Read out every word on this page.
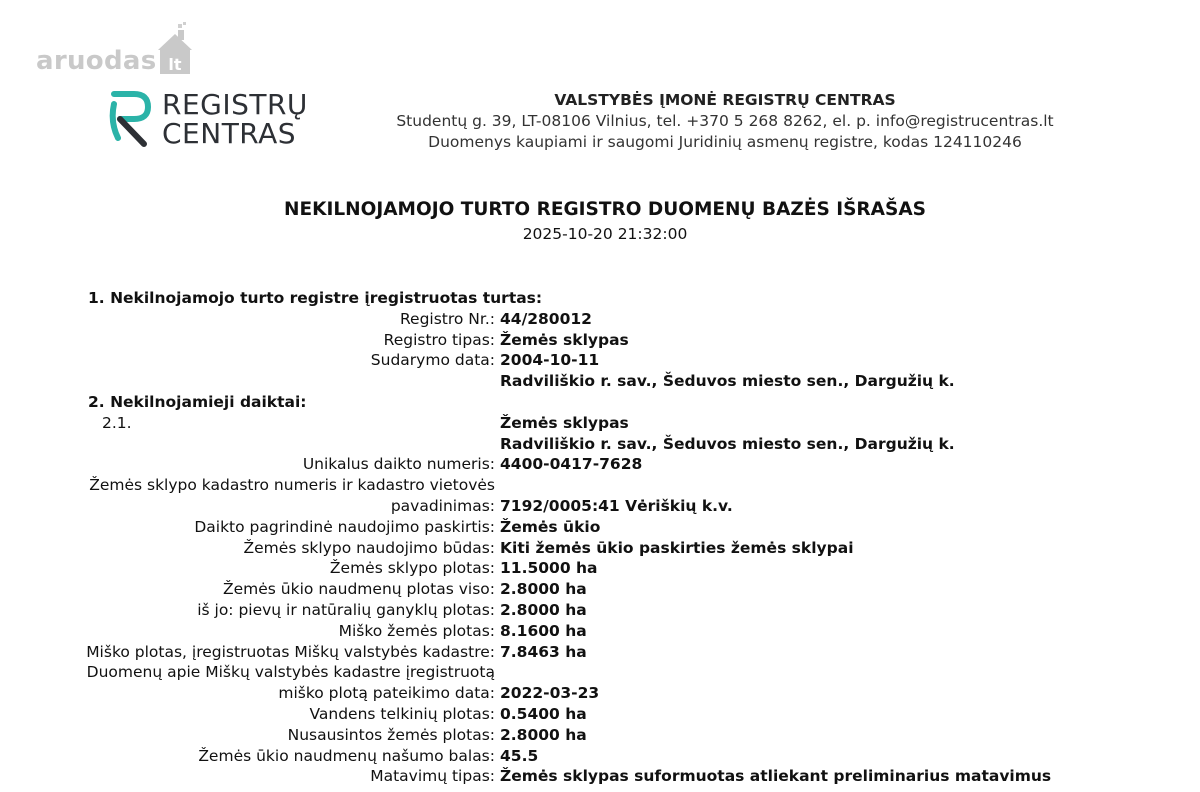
aruodas lt
REGISTRŲ
CENTRAS
VALSTYBĖS ĮMONĖ REGISTRŲ CENTRAS
Studentų g. 39, LT-08106 Vilnius, tel. +370 5 268 8262, el. p. info@registrucentras.lt
Duomenys kaupiami ir saugomi Juridinių asmenų registre, kodas 124110246
NEKILNOJAMOJO TURTO REGISTRO DUOMENŲ BAZĖS IŠRAŠAS
2025-10-20 21:32:00
1. Nekilnojamojo turto registre įregistruotas turtas:
Registro Nr.: 44/280012
Registro tipas: Žemės sklypas
Sudarymo data: 2004-10-11
Radviliškio r. sav., Šeduvos miesto sen., Dargužių k.
2. Nekilnojamieji daiktai:
2.1.	Žemės sklypas
Radviliškio r. sav., Šeduvos miesto sen., Dargužių k.
Unikalus daikto numeris: 4400-0417-7628
Žemės sklypo kadastro numeris ir kadastro vietovės
pavadinimas: 7192/0005:41 Vėriškių k.v.
Daikto pagrindinė naudojimo paskirtis: Žemės ūkio
Žemės sklypo naudojimo būdas: Kiti žemės ūkio paskirties žemės sklypai
Žemės sklypo plotas: 11.5000 ha
Žemės ūkio naudmenų plotas viso: 2.8000 ha
iš jo: pievų ir natūralių ganyklų plotas: 2.8000 ha
Miško žemės plotas: 8.1600 ha
Miško plotas, įregistruotas Miškų valstybės kadastre: 7.8463 ha
Duomenų apie Miškų valstybės kadastre įregistruotą
miško plotą pateikimo data: 2022-03-23
Vandens telkinių plotas: 0.5400 ha
Nusausintos žemės plotas: 2.8000 ha
Žemės ūkio naudmenų našumo balas: 45.5
Matavimų tipas: Žemės sklypas suformuotas atliekant preliminarius matavimus
